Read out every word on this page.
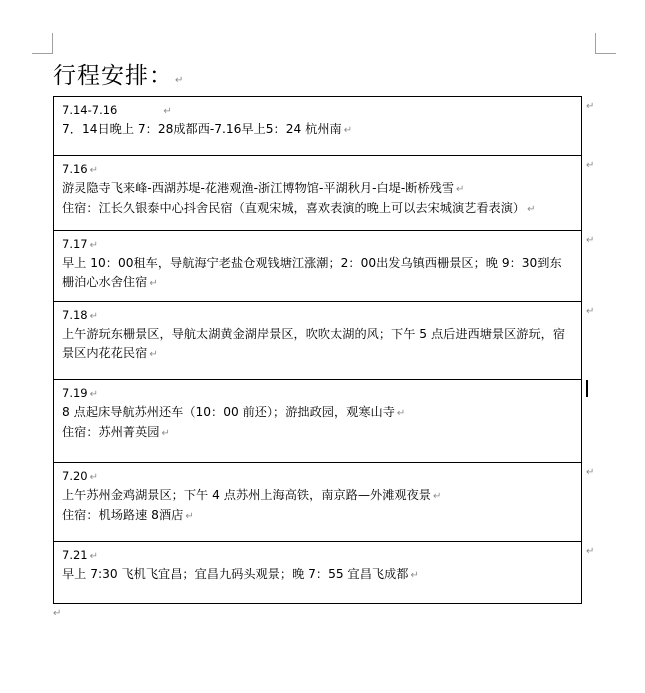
行程安排： ↵
7.14-7.16	↵
7．14日晚上 7：28成都西-7.16早上5：24 杭州南 ↵

7.16 ↵
游灵隐寺飞来峰-西湖苏堤-花港观渔-浙江博物馆-平湖秋月-白堤-断桥残雪 ↵
住宿：江长久银泰中心抖舍民宿（直观宋城，喜欢表演的晚上可以去宋城演艺看表演） ↵

7.17 ↵
早上 10：00租车，导航海宁老盐仓观钱塘江涨潮；2：00出发乌镇西栅景区；晚 9：30到东栅泊心水舍住宿 ↵

7.18 ↵
上午游玩东栅景区，导航太湖黄金湖岸景区，吹吹太湖的风；下午 5 点后进西塘景区游玩，宿景区内花花民宿 ↵

7.19 ↵
8 点起床导航苏州还车（10：00 前还）；游拙政园，观寒山寺 ↵
住宿：苏州菁英园 ↵

7.20 ↵
上午苏州金鸡湖景区；下午 4 点苏州上海高铁，南京路—外滩观夜景 ↵
住宿：机场路速 8酒店 ↵

7.21 ↵
早上 7:30 飞机飞宜昌；宜昌九码头观景；晚 7：55 宜昌飞成都 ↵
↵
↵
↵
↵
↵
↵
↵
